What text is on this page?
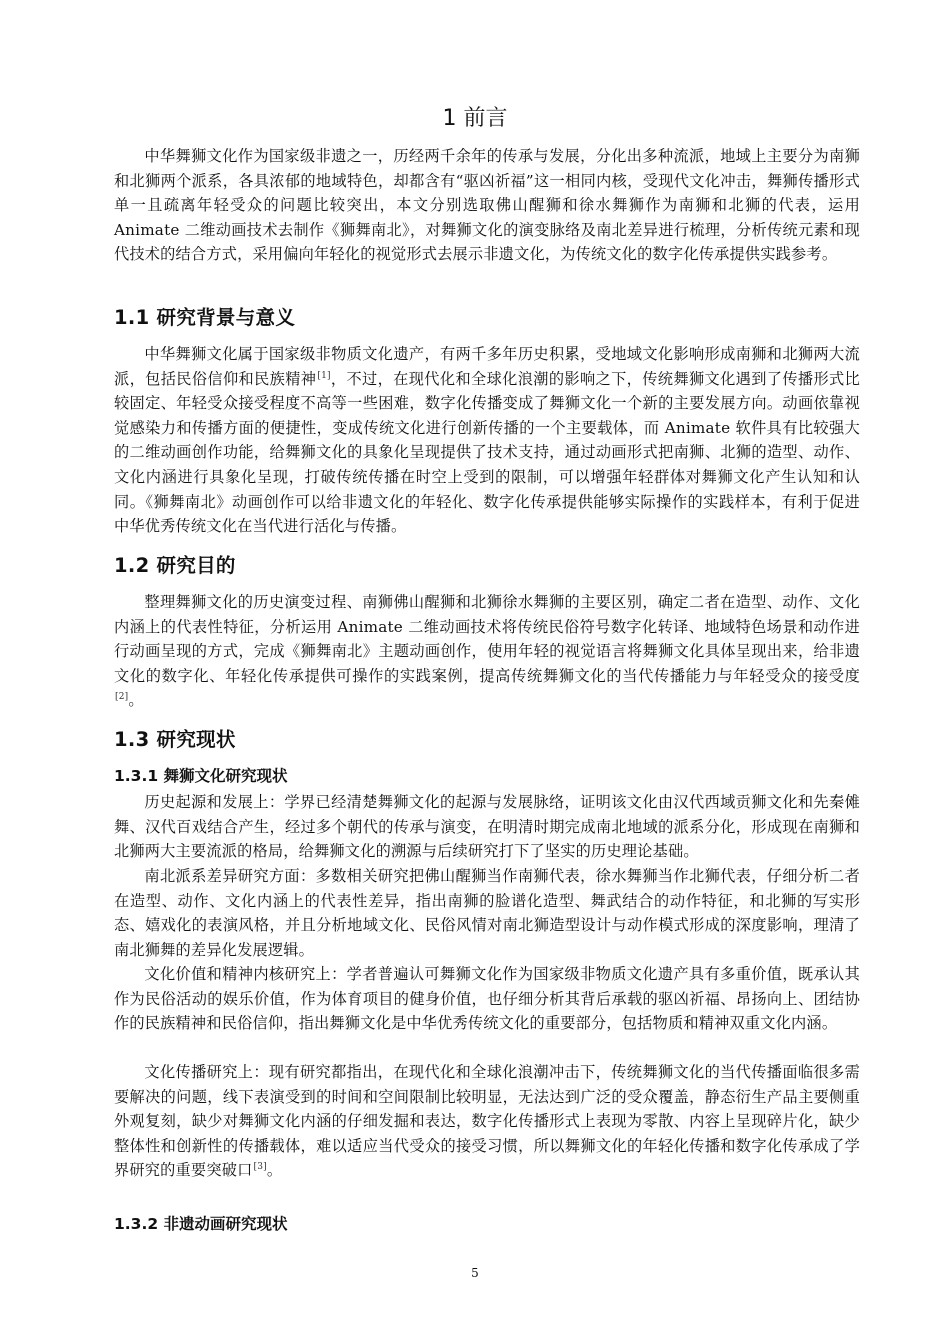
1 前言

中华舞狮文化作为国家级非遗之一，历经两千余年的传承与发展，分化出多种流派，地域上主要分为南狮和北狮两个派系，各具浓郁的地域特色，却都含有“驱凶祈福”这一相同内核，受现代文化冲击，舞狮传播形式单一且疏离年轻受众的问题比较突出，本文分别选取佛山醒狮和徐水舞狮作为南狮和北狮的代表，运用 Animate 二维动画技术去制作《狮舞南北》，对舞狮文化的演变脉络及南北差异进行梳理，分析传统元素和现代技术的结合方式，采用偏向年轻化的视觉形式去展示非遗文化，为传统文化的数字化传承提供实践参考。

1.1 研究背景与意义

中华舞狮文化属于国家级非物质文化遗产，有两千多年历史积累，受地域文化影响形成南狮和北狮两大流派，包括民俗信仰和民族精神[1]，不过，在现代化和全球化浪潮的影响之下，传统舞狮文化遇到了传播形式比较固定、年轻受众接受程度不高等一些困难，数字化传播变成了舞狮文化一个新的主要发展方向。动画依靠视觉感染力和传播方面的便捷性，变成传统文化进行创新传播的一个主要载体，而 Animate 软件具有比较强大的二维动画创作功能，给舞狮文化的具象化呈现提供了技术支持，通过动画形式把南狮、北狮的造型、动作、文化内涵进行具象化呈现，打破传统传播在时空上受到的限制，可以增强年轻群体对舞狮文化产生认知和认同。《狮舞南北》动画创作可以给非遗文化的年轻化、数字化传承提供能够实际操作的实践样本，有利于促进中华优秀传统文化在当代进行活化与传播。

1.2 研究目的

整理舞狮文化的历史演变过程、南狮佛山醒狮和北狮徐水舞狮的主要区别，确定二者在造型、动作、文化内涵上的代表性特征，分析运用 Animate 二维动画技术将传统民俗符号数字化转译、地域特色场景和动作进行动画呈现的方式，完成《狮舞南北》主题动画创作，使用年轻的视觉语言将舞狮文化具体呈现出来，给非遗文化的数字化、年轻化传承提供可操作的实践案例，提高传统舞狮文化的当代传播能力与年轻受众的接受度[2]。

1.3 研究现状
1.3.1 舞狮文化研究现状

历史起源和发展上：学界已经清楚舞狮文化的起源与发展脉络，证明该文化由汉代西域贡狮文化和先秦傩舞、汉代百戏结合产生，经过多个朝代的传承与演变，在明清时期完成南北地域的派系分化，形成现在南狮和北狮两大主要流派的格局，给舞狮文化的溯源与后续研究打下了坚实的历史理论基础。

南北派系差异研究方面：多数相关研究把佛山醒狮当作南狮代表，徐水舞狮当作北狮代表，仔细分析二者在造型、动作、文化内涵上的代表性差异，指出南狮的脸谱化造型、舞武结合的动作特征，和北狮的写实形态、嬉戏化的表演风格，并且分析地域文化、民俗风情对南北狮造型设计与动作模式形成的深度影响，理清了南北狮舞的差异化发展逻辑。

文化价值和精神内核研究上：学者普遍认可舞狮文化作为国家级非物质文化遗产具有多重价值，既承认其作为民俗活动的娱乐价值，作为体育项目的健身价值，也仔细分析其背后承载的驱凶祈福、昂扬向上、团结协作的民族精神和民俗信仰，指出舞狮文化是中华优秀传统文化的重要部分，包括物质和精神双重文化内涵。

文化传播研究上：现有研究都指出，在现代化和全球化浪潮冲击下，传统舞狮文化的当代传播面临很多需要解决的问题，线下表演受到的时间和空间限制比较明显，无法达到广泛的受众覆盖，静态衍生产品主要侧重外观复刻，缺少对舞狮文化内涵的仔细发掘和表达，数字化传播形式上表现为零散、内容上呈现碎片化，缺少整体性和创新性的传播载体，难以适应当代受众的接受习惯，所以舞狮文化的年轻化传播和数字化传承成了学界研究的重要突破口[3]。

1.3.2 非遗动画研究现状
5
